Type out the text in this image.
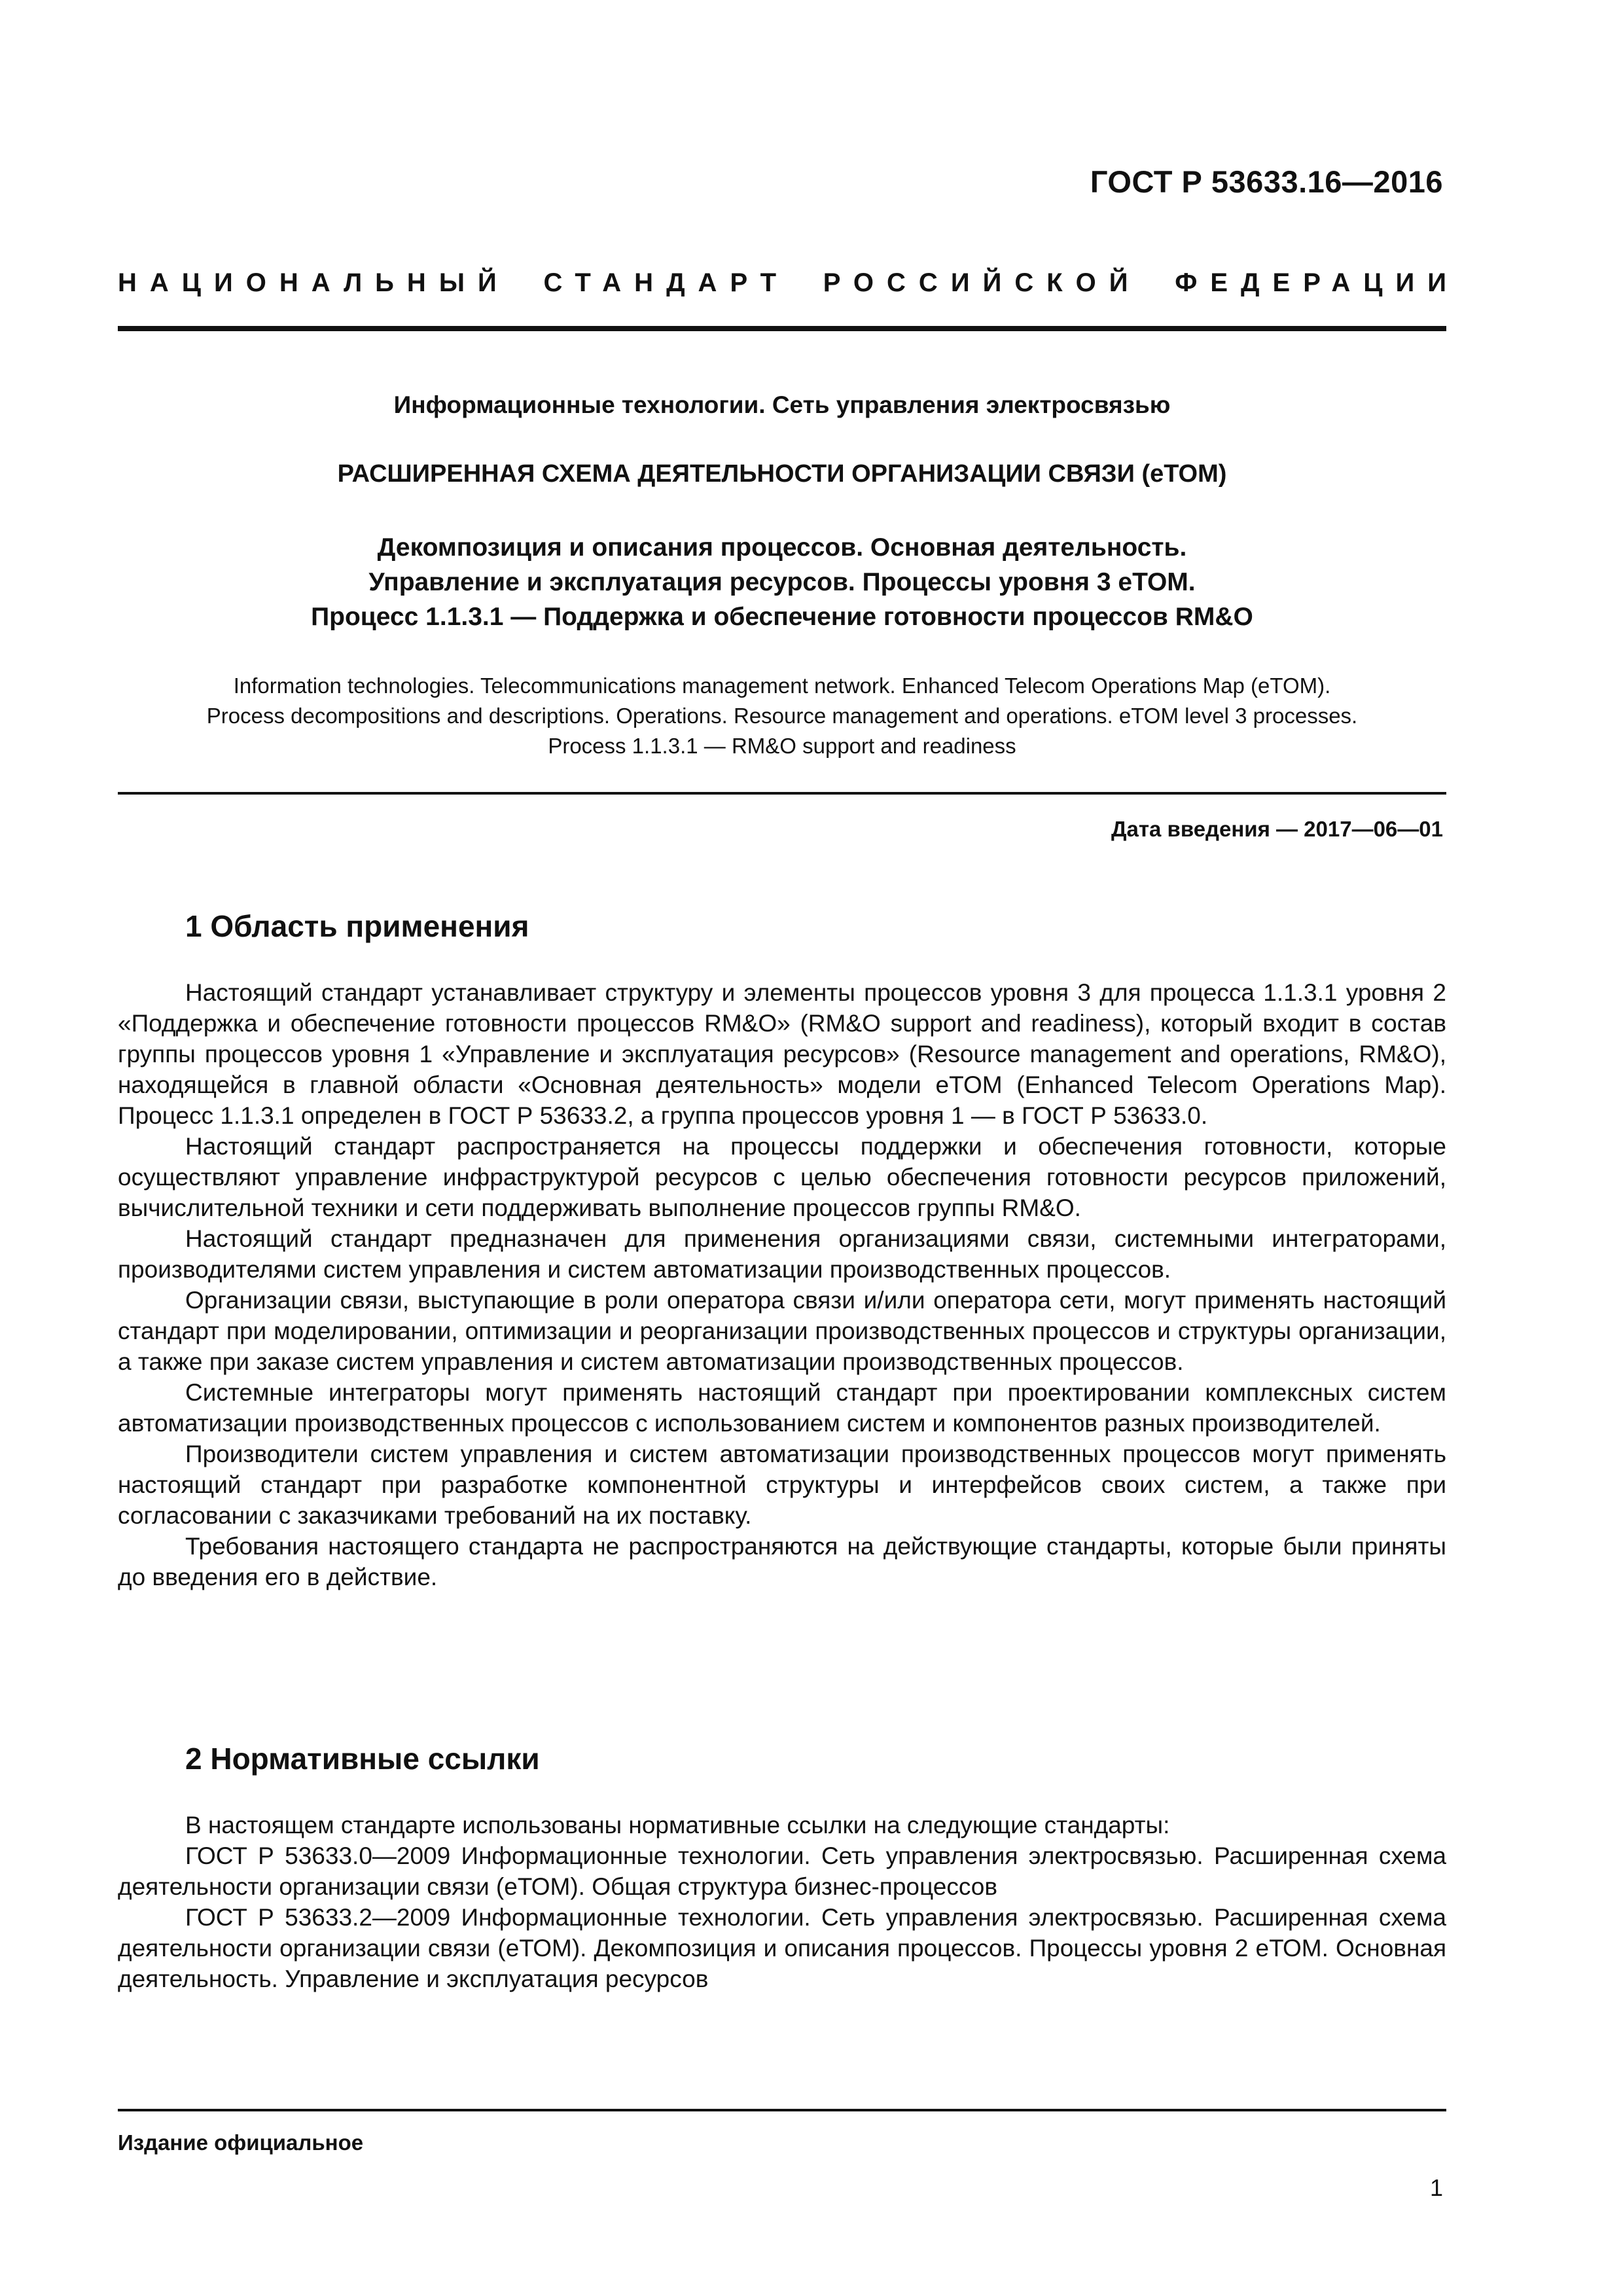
ГОСТ Р 53633.16—2016
НАЦИОНАЛЬНЫЙ СТАНДАРТ РОССИЙСКОЙ ФЕДЕРАЦИИ
Информационные технологии. Сеть управления электросвязью
РАСШИРЕННАЯ СХЕМА ДЕЯТЕЛЬНОСТИ ОРГАНИЗАЦИИ СВЯЗИ (еТОМ)
Декомпозиция и описания процессов. Основная деятельность.
Управление и эксплуатация ресурсов. Процессы уровня 3 еТОМ.
Процесс 1.1.3.1 — Поддержка и обеспечение готовности процессов RM&O
Information technologies. Telecommunications management network. Enhanced Telecom Operations Map (eTOM).
Process decompositions and descriptions. Operations. Resource management and operations. eTOM level 3 processes.
Process 1.1.3.1 — RM&O support and readiness
Дата введения — 2017—06—01
1 Область применения

Настоящий стандарт устанавливает структуру и элементы процессов уровня 3 для процесса 1.1.3.1 уровня 2 «Поддержка и обеспечение готовности процессов RM&O» (RM&O support and readiness), который входит в состав группы процессов уровня 1 «Управление и эксплуатация ресурсов» (Resource management and operations, RM&O), находящейся в главной области «Основная деятельность» модели eTOM (Enhanced Telecom Operations Map). Процесс 1.1.3.1 определен в ГОСТ Р 53633.2, а группа процессов уровня 1 — в ГОСТ Р 53633.0.

Настоящий стандарт распространяется на процессы поддержки и обеспечения готовности, которые осуществляют управление инфраструктурой ресурсов с целью обеспечения готовности ресурсов приложений, вычислительной техники и сети поддерживать выполнение процессов группы RM&O.

Настоящий стандарт предназначен для применения организациями связи, системными интеграторами, производителями систем управления и систем автоматизации производственных процессов.

Организации связи, выступающие в роли оператора связи и/или оператора сети, могут применять настоящий стандарт при моделировании, оптимизации и реорганизации производственных процессов и структуры организации, а также при заказе систем управления и систем автоматизации производственных процессов.

Системные интеграторы могут применять настоящий стандарт при проектировании комплексных систем автоматизации производственных процессов с использованием систем и компонентов разных производителей.

Производители систем управления и систем автоматизации производственных процессов могут применять настоящий стандарт при разработке компонентной структуры и интерфейсов своих систем, а также при согласовании с заказчиками требований на их поставку.

Требования настоящего стандарта не распространяются на действующие стандарты, которые были приняты до введения его в действие.

2 Нормативные ссылки

В настоящем стандарте использованы нормативные ссылки на следующие стандарты:

ГОСТ Р 53633.0—2009 Информационные технологии. Сеть управления электросвязью. Расширенная схема деятельности организации связи (еТОМ). Общая структура бизнес-процессов

ГОСТ Р 53633.2—2009 Информационные технологии. Сеть управления электросвязью. Расширенная схема деятельности организации связи (еТОМ). Декомпозиция и описания процессов. Процессы уровня 2 еТОМ. Основная деятельность. Управление и эксплуатация ресурсов

Издание официальное
1
